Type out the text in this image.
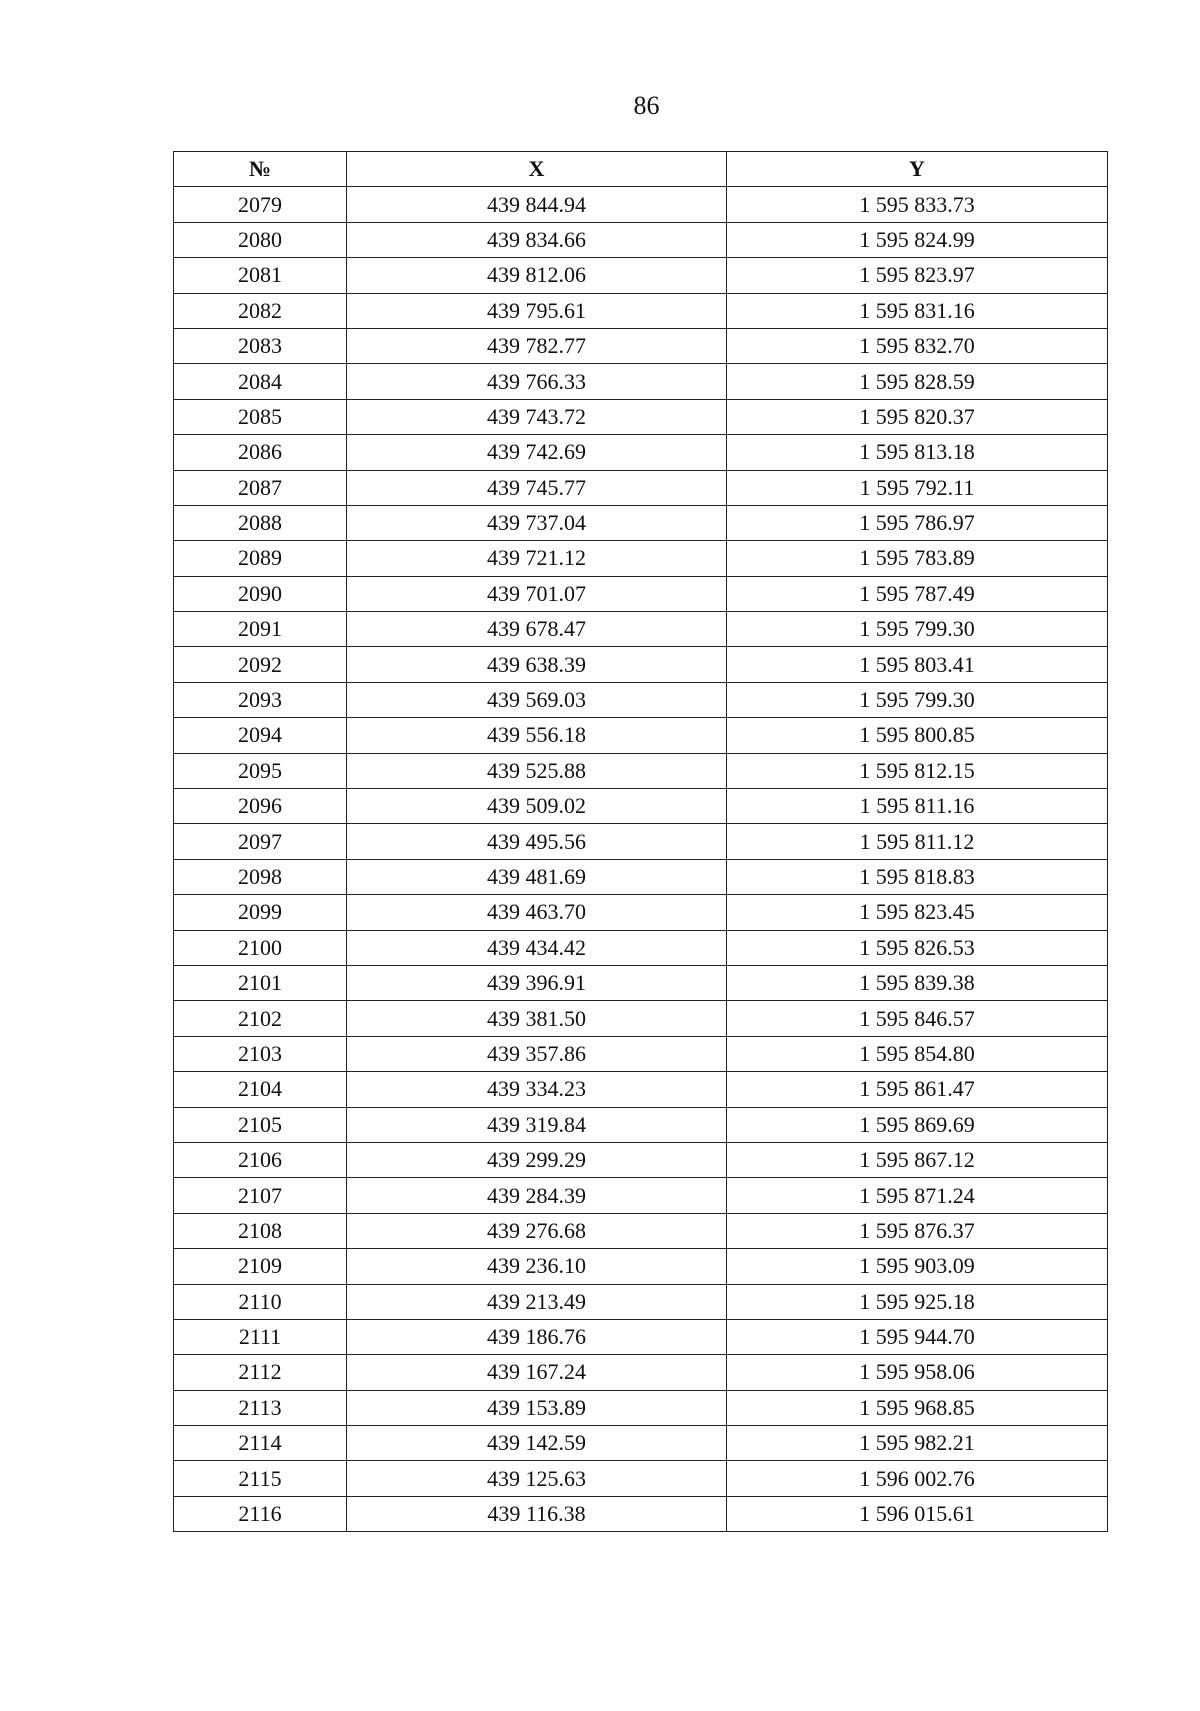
86
№	X	Y
2079	439 844.94	1 595 833.73
2080	439 834.66	1 595 824.99
2081	439 812.06	1 595 823.97
2082	439 795.61	1 595 831.16
2083	439 782.77	1 595 832.70
2084	439 766.33	1 595 828.59
2085	439 743.72	1 595 820.37
2086	439 742.69	1 595 813.18
2087	439 745.77	1 595 792.11
2088	439 737.04	1 595 786.97
2089	439 721.12	1 595 783.89
2090	439 701.07	1 595 787.49
2091	439 678.47	1 595 799.30
2092	439 638.39	1 595 803.41
2093	439 569.03	1 595 799.30
2094	439 556.18	1 595 800.85
2095	439 525.88	1 595 812.15
2096	439 509.02	1 595 811.16
2097	439 495.56	1 595 811.12
2098	439 481.69	1 595 818.83
2099	439 463.70	1 595 823.45
2100	439 434.42	1 595 826.53
2101	439 396.91	1 595 839.38
2102	439 381.50	1 595 846.57
2103	439 357.86	1 595 854.80
2104	439 334.23	1 595 861.47
2105	439 319.84	1 595 869.69
2106	439 299.29	1 595 867.12
2107	439 284.39	1 595 871.24
2108	439 276.68	1 595 876.37
2109	439 236.10	1 595 903.09
2110	439 213.49	1 595 925.18
2111	439 186.76	1 595 944.70
2112	439 167.24	1 595 958.06
2113	439 153.89	1 595 968.85
2114	439 142.59	1 595 982.21
2115	439 125.63	1 596 002.76
2116	439 116.38	1 596 015.61
